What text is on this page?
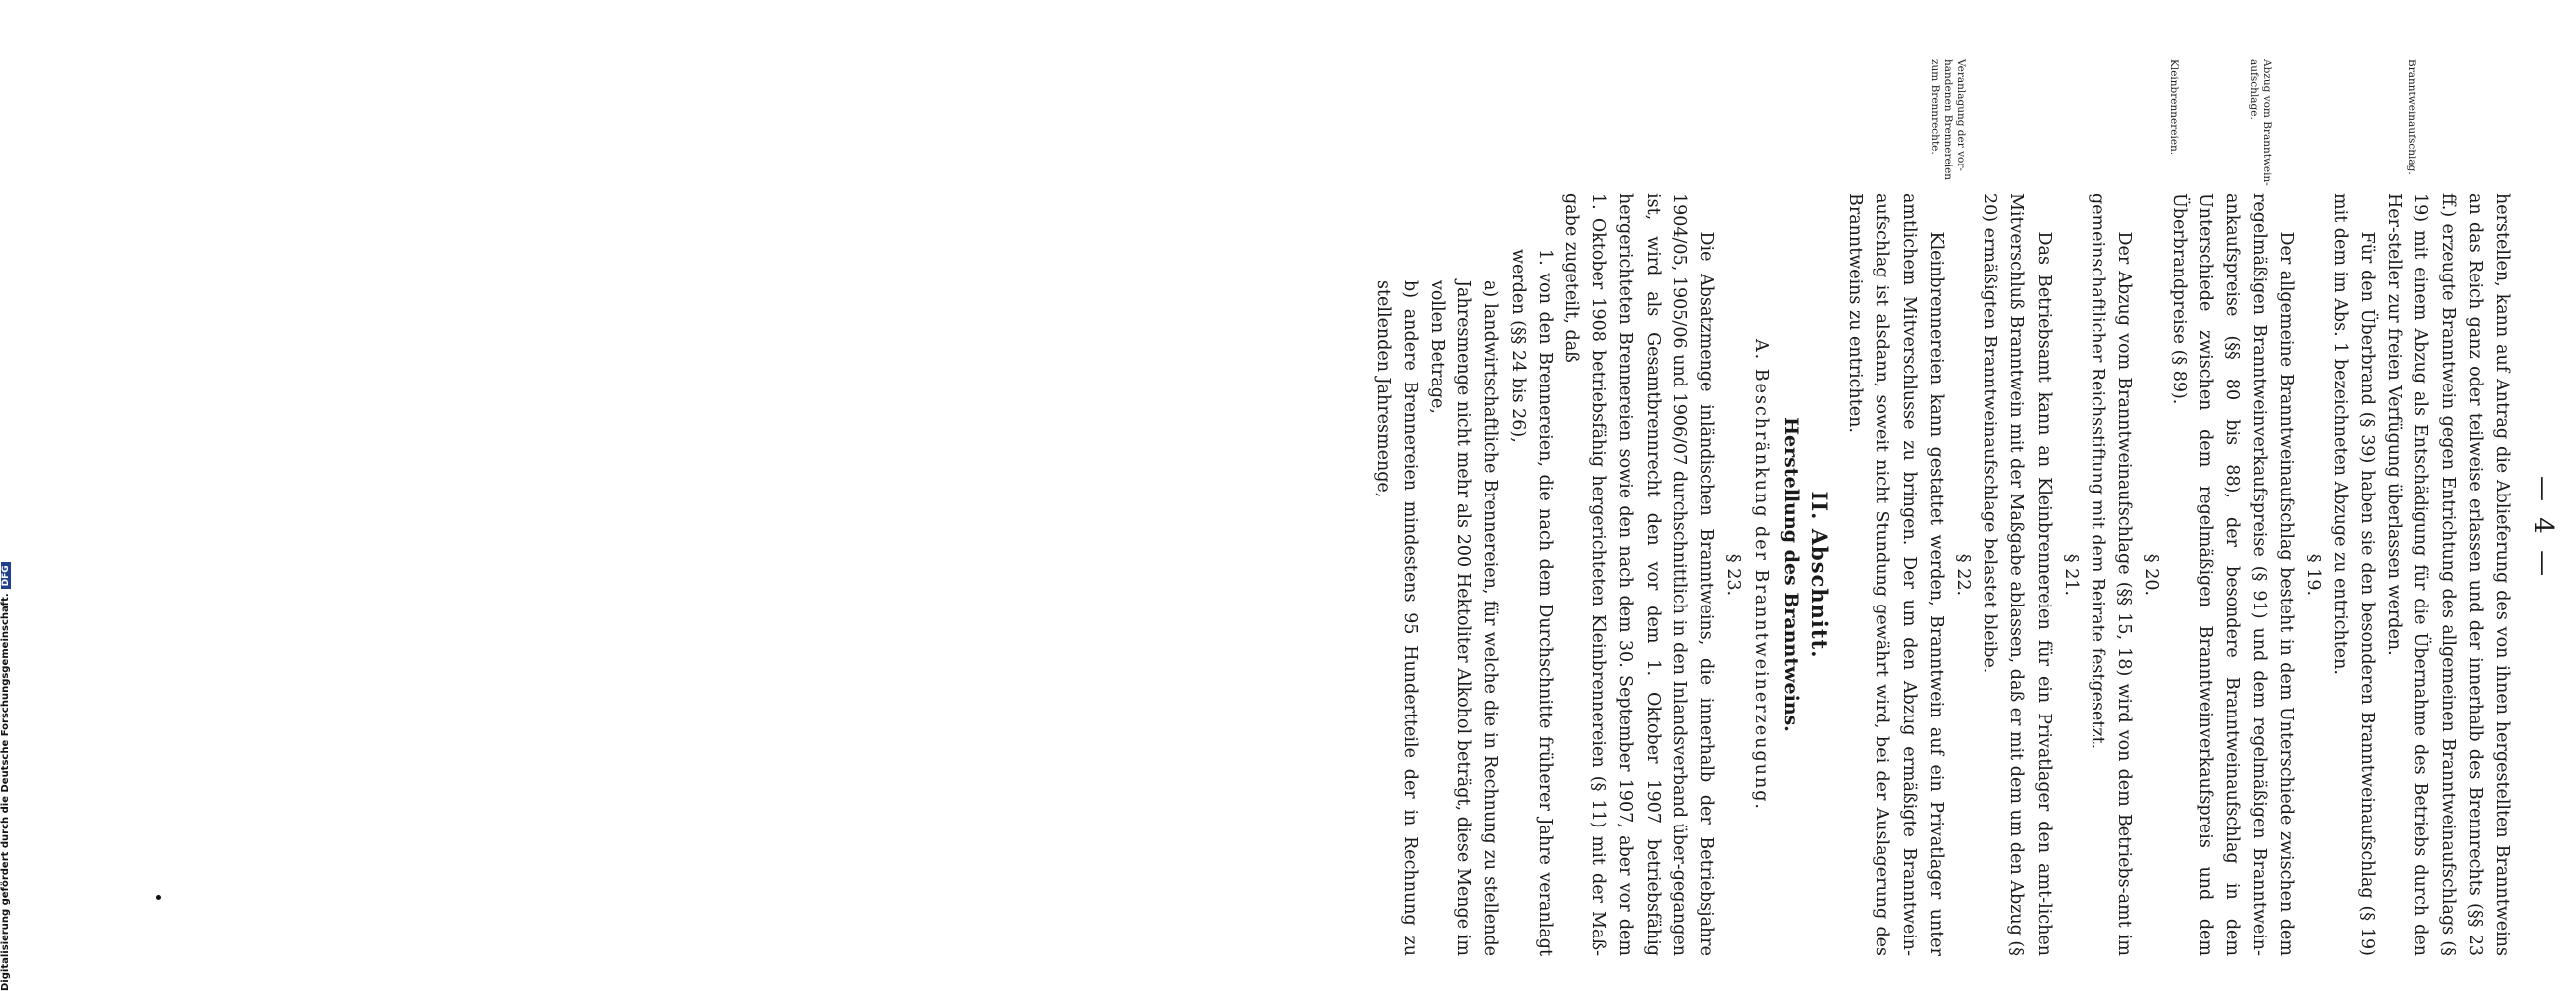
— 4 —
Branntweinaufschlag.
Abzug vom Branntwein-aufschlage.
Kleinbrennereien.
Veranlagung der vor-handenen Brennereien zum Brennrechte.

herstellen, kann auf Antrag die Ablieferung des von ihnen hergestellten Branntweins an das Reich ganz oder teilweise erlassen und der innerhalb des Brennrechts (§§ 23 ff.) erzeugte Branntwein gegen Entrichtung des allgemeinen Branntweinaufschlags (§ 19) mit einem Abzug als Entschädigung für die Übernahme des Betriebs durch den Her-steller zur freien Verfügung überlassen werden.

Für den Überbrand (§ 39) haben sie den besonderen Branntweinaufschlag (§ 19) mit dem im Abs. 1 bezeichneten Abzuge zu entrichten.

§ 19.

Der allgemeine Branntweinaufschlag besteht in dem Unterschiede zwischen dem regelmäßigen Branntweinverkaufspreise (§ 91) und dem regelmäßigen Branntwein-ankaufspreise (§§ 80 bis 88), der besondere Branntweinaufschlag in dem Unterschiede zwischen dem regelmäßigen Branntweinverkaufspreis und dem Überbrandpreise (§ 89).

§ 20.

Der Abzug vom Branntweinaufschlage (§§ 15, 18) wird von dem Betriebs-amt im gemeinschaftlicher Reichsstiftung mit dem Beirate festgesetzt.

§ 21.

Das Betriebsamt kann an Kleinbrennereien für ein Privatlager den amt-lichen Mitverschluß Branntwein mit der Maßgabe ablassen, daß er mit dem um den Abzug (§ 20) ermäßigten Branntweinaufschlage belastet bleibe.

§ 22.

Kleinbrennereien kann gestattet werden, Branntwein auf ein Privatlager unter amtlichem Mitverschlusse zu bringen. Der um den Abzug ermäßigte Branntwein-aufschlag ist alsdann, soweit nicht Stundung gewährt wird, bei der Auslagerung des Branntweins zu entrichten.

II. Abschnitt.
Herstellung des Branntweins.
A. Beschränkung der Branntweinerzeugung.

§ 23.

Die Absatzmenge inländischen Branntweins, die innerhalb der Betriebsjahre 1904/05, 1905/06 und 1906/07 durchschnittlich in den Inlandsverband über-gegangen ist, wird als Gesamtbrennrecht den vor dem 1. Oktober 1907 betriebsfähig hergerichteten Brennereien sowie den nach dem 30. September 1907, aber vor dem 1. Oktober 1908 betriebsfähig hergerichteten Kleinbrennereien (§ 11) mit der Maß-gabe zugeteilt, daß

1. von den Brennereien, die nach dem Durchschnitte früherer Jahre veranlagt werden (§§ 24 bis 26),

a) landwirtschaftliche Brennereien, für welche die in Rechnung zu stellende Jahresmenge nicht mehr als 200 Hektoliter Alkohol beträgt, diese Menge im vollen Betrage,

b) andere Brennereien mindestens 95 Hundertteile der in Rechnung zu stellenden Jahresmenge,

Digitalisierung gefördert durch die Deutsche Forschungsgemeinschaft.DFG
